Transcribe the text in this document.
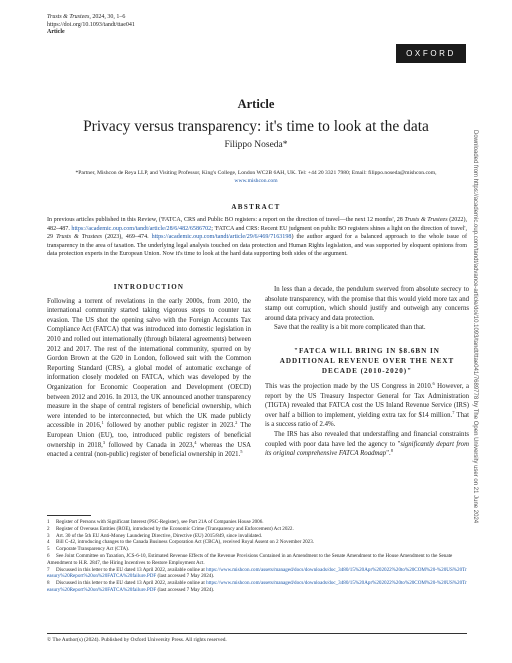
Trusts & Trustees, 2024, 30, 1–6
https://doi.org/10.1093/tandt/ttae041
Article
OXFORD
Downloaded from https://academic.oup.com/tandt/advance-article/doi/10.1093/tandt/ttae041/7689778 by The Open University user on 21 June 2024
Article
Privacy versus transparency: it's time to look at the data
Filippo Noseda*
*Partner, Mishcon de Reya LLP, and Visiting Professor, King's College, London WC2B 6AH, UK. Tel: +44 20 3321 7980; Email: filippo.noseda@mishcon.com,
www.mishcon.com
ABSTRACT
In previous articles published in this Review, ('FATCA, CRS and Public BO registers: a report on the direction of travel—the next 12 months', 28 Trusts & Trustees (2022), 482–487. https://academic.oup.com/tandt/article/28/6/482/6586702; 'FATCA and CRS: Recent EU judgment on public BO registers shines a light on the direction of travel', 29 Trusts & Trustees (2023), 469–474. https://academic.oup.com/tandt/article/29/6/469/7163198) the author argued for a balanced approach to the whole issue of transparency in the area of taxation. The underlying legal analysis touched on data protection and Human Rights legislation, and was supported by eloquent opinions from data protection experts in the European Union. Now it's time to look at the hard data supporting both sides of the argument.
INTRODUCTION

Following a torrent of revelations in the early 2000s, from 2010, the international community started taking vigorous steps to counter tax evasion. The US shot the opening salvo with the Foreign Accounts Tax Compliance Act (FATCA) that was introduced into domestic legislation in 2010 and rolled out internationally (through bilateral agreements) between 2012 and 2017. The rest of the international community, spurred on by Gordon Brown at the G20 in London, followed suit with the Common Reporting Standard (CRS), a global model of automatic exchange of information closely modeled on FATCA, which was developed by the Organization for Economic Cooperation and Development (OECD) between 2012 and 2016. In 2013, the UK announced another transparency measure in the shape of central registers of beneficial ownership, which were intended to be interconnected, but which the UK made publicly accessible in 2016,$^1$ followed by another public register in 2023.$^2$ The European Union (EU), too, introduced public registers of beneficial ownership in 2018,$^3$ followed by Canada in 2023,$^4$ whereas the USA enacted a central (non-public) register of beneficial ownership in 2021.$^5$

In less than a decade, the pendulum swerved from absolute secrecy to absolute transparency, with the promise that this would yield more tax and stamp out corruption, which should justify and outweigh any concerns around data privacy and data protection.

Save that the reality is a bit more complicated than that.

"FATCA WILL BRING IN $8.6BN IN ADDITIONAL REVENUE OVER THE NEXT DECADE (2010-2020)"

This was the projection made by the US Congress in 2010.$^6$ However, a report by the US Treasury Inspector General for Tax Administration (TIGTA) revealed that FATCA cost the US Inland Revenue Service (IRS) over half a billion to implement, yielding extra tax for $14 million.$^7$ That is a success ratio of 2.4%.

The IRS has also revealed that understaffing and financial constraints coupled with poor data have led the agency to "significantly depart from its original comprehensive FATCA Roadmap".$^8$

1 Register of Persons with Significant Interest (PSC-Register), see Part 21A of Companies House 2006.

2 Register of Overseas Entities (ROE), introduced by the Economic Crime (Transparency and Enforcement) Act 2022.

3 Art. 30 of the 5th EU Anti-Money Laundering Directive, Directive (EU) 2015/849, since invalidated.

4 Bill C-42, introducing changes to the Canada Business Corporation Act (CBCA), received Royal Assent on 2 November 2023.

5 Corporate Transparency Act (CTA).

6 See Joint Committee on Taxation, JCS-6-10, Estimated Revenue Effects of the Revenue Provisions Contained in an Amendment to the Senate Amendment to the House Amendment to the Senate Amendment to H.R. 2847, the Hiring Incentives to Restore Employment Act.

7 Discussed in this letter to the EU dated 13 April 2022, available online at https://www.mishcon.com/assets/managed/docs/downloads/doc_3480/15%20Apr%202022%20to%20COM%20-%20US%20Treasury%20Report%20on%20FATCA%20failure.PDF (last accessed 7 May 2024).

8 Discussed in this letter to the EU dated 13 April 2022, available online at https://www.mishcon.com/assets/managed/docs/downloads/doc_3480/15%20Apr%202022%20to%20COM%20-%20US%20Treasury%20Report%20on%20FATCA%20failure.PDF (last accessed 7 May 2024).

© The Author(s) (2024). Published by Oxford University Press. All rights reserved.
